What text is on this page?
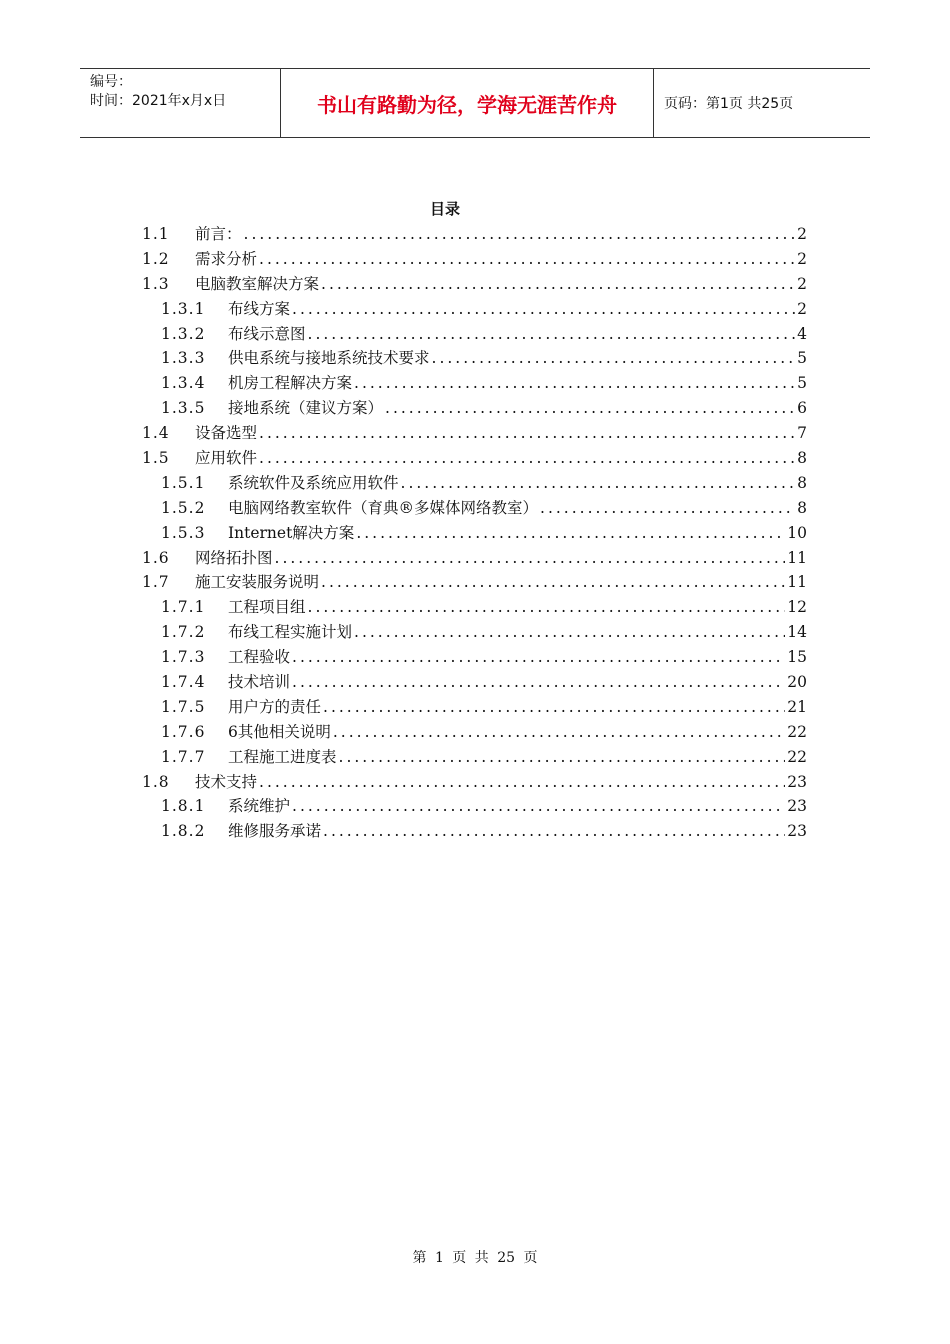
编号：
时间：2021年x月x日	书山有路勤为径，学海无涯苦作舟	页码：第1页 共25页
目录
1.1	前言： .....	2
1.2	需求分析 .....	2
1.3	电脑教室解决方案 .....	2
1.3.1	布线方案 .....	2
1.3.2	布线示意图 .....	4
1.3.3	供电系统与接地系统技术要求 .....	5
1.3.4	机房工程解决方案 .....	5
1.3.5	接地系统（建议方案） .....	6
1.4	设备选型 .....	7
1.5	应用软件 .....	8
1.5.1	系统软件及系统应用软件 .....	8
1.5.2	电脑网络教室软件（育典®多媒体网络教室） .....	8
1.5.3	Internet解决方案 .....	10
1.6	网络拓扑图 .....	11
1.7	施工安装服务说明 .....	11
1.7.1	工程项目组 .....	12
1.7.2	布线工程实施计划 .....	14
1.7.3	工程验收 .....	15
1.7.4	技术培训 .....	20
1.7.5	用户方的责任 .....	21
1.7.6	6其他相关说明 .....	22
1.7.7	工程施工进度表 .....	22
1.8	技术支持 .....	23
1.8.1	系统维护 .....	23
1.8.2	维修服务承诺 .....	23
第 1 页 共 25 页
